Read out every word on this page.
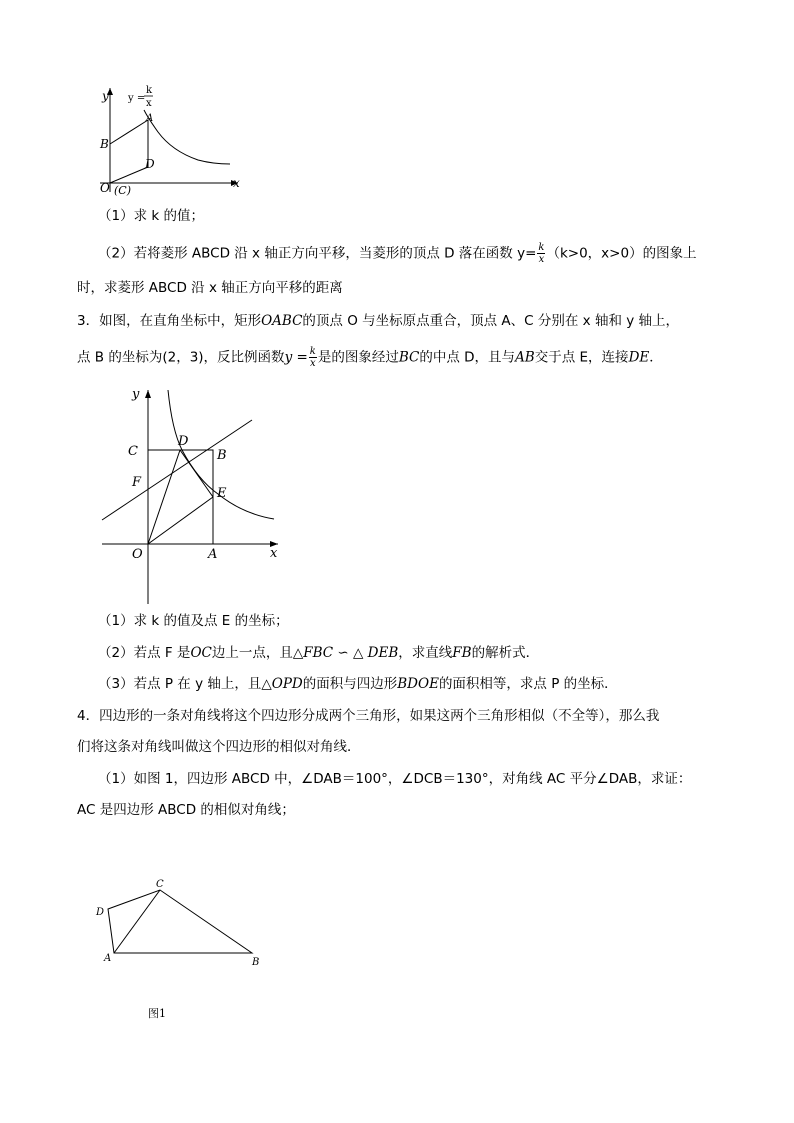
y
x
y =
k
x
A
B
D
O (C)
（1）求 k 的值；
（2）若将菱形 ABCD 沿 x 轴正方向平移，当菱形的顶点 D 落在函数 $y= \frac{k}{x} (k>0$，x>0）的图象上
时，求菱形 ABCD 沿 x 轴正方向平移的距离
3．如图，在直角坐标中，矩形OABC的顶点 O 与坐标原点重合，顶点 A、C 分别在 x 轴和 y 轴上，
点 B 的坐标为(2，3)，反比例函数$y = \frac{k}{x}$ 是的图象经过BC的中点 D，且与AB交于点 E，连接DE．
y
x
C
D
B
F
E
O	A
（1）求 k 的值及点 E 的坐标；
（2）若点 F 是OC边上一点，且△FBC ∽ △ DEB，求直线FB的解析式．
（3）若点 P 在 y 轴上，且△OPD的面积与四边形BDOE的面积相等，求点 P 的坐标．
4．四边形的一条对角线将这个四边形分成两个三角形，如果这两个三角形相似（不全等），那么我
们将这条对角线叫做这个四边形的相似对角线．
（1）如图 1，四边形 ABCD 中，∠DAB＝100°，∠DCB＝130°，对角线 AC 平分∠DAB，求证：
AC 是四边形 ABCD 的相似对角线；
C
D
A	B
图1
